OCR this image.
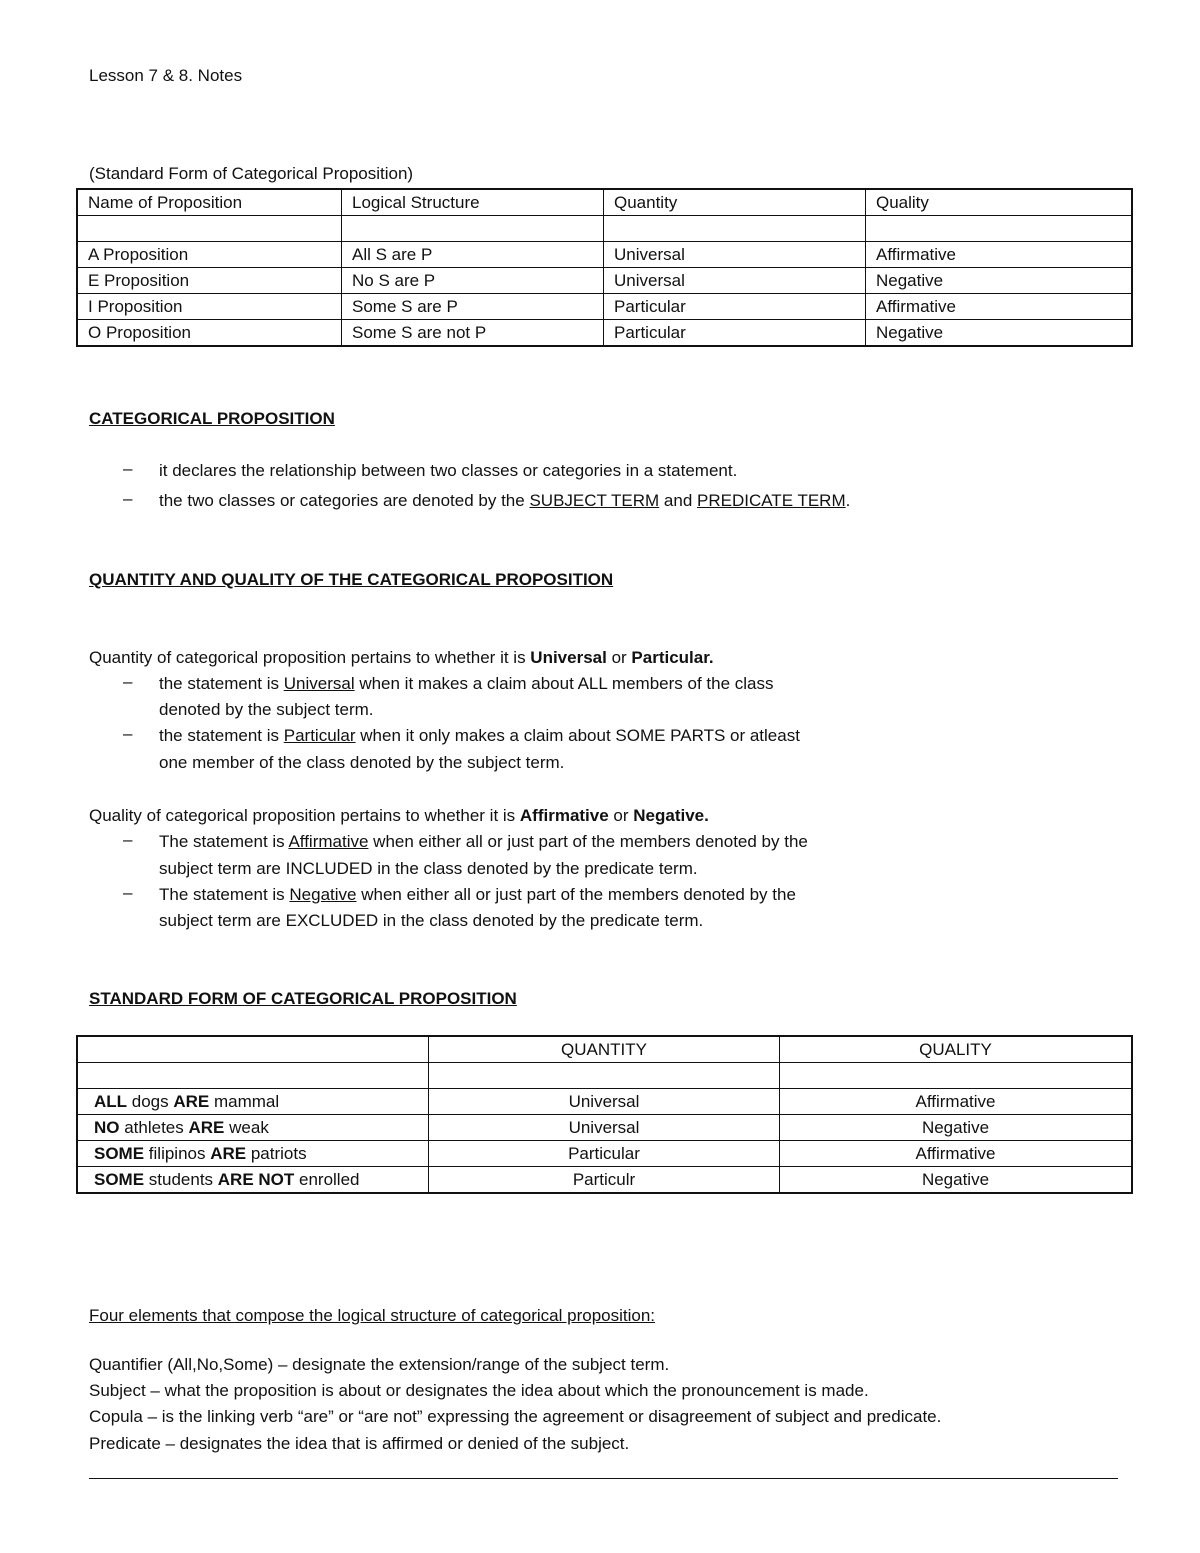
Lesson 7 & 8. Notes
(Standard Form of Categorical Proposition)
Name of Proposition	Logical Structure	Quantity	Quality

A Proposition	All S are P	Universal	Affirmative
E Proposition	No S are P	Universal	Negative
I Proposition	Some S are P	Particular	Affirmative
O Proposition	Some S are not P	Particular	Negative
CATEGORICAL PROPOSITION
– it declares the relationship between two classes or categories in a statement.
– the two classes or categories are denoted by the SUBJECT TERM and PREDICATE TERM.
QUANTITY AND QUALITY OF THE CATEGORICAL PROPOSITION
Quantity of categorical proposition pertains to whether it is Universal or Particular.
– the statement is Universal when it makes a claim about ALL members of the class
denoted by the subject term.
– the statement is Particular when it only makes a claim about SOME PARTS or atleast
one member of the class denoted by the subject term.
Quality of categorical proposition pertains to whether it is Affirmative or Negative.
– The statement is Affirmative when either all or just part of the members denoted by the
subject term are INCLUDED in the class denoted by the predicate term.
– The statement is Negative when either all or just part of the members denoted by the
subject term are EXCLUDED in the class denoted by the predicate term.
STANDARD FORM OF CATEGORICAL PROPOSITION
	QUANTITY	QUALITY

ALL dogs ARE mammal	Universal	Affirmative
NO athletes ARE weak	Universal	Negative
SOME filipinos ARE patriots	Particular	Affirmative
SOME students ARE NOT enrolled	Particulr	Negative
Four elements that compose the logical structure of categorical proposition:
Quantifier (All,No,Some) – designate the extension/range of the subject term.
Subject – what the proposition is about or designates the idea about which the pronouncement is made.
Copula – is the linking verb “are” or “are not” expressing the agreement or disagreement of subject and predicate.
Predicate – designates the idea that is affirmed or denied of the subject.
